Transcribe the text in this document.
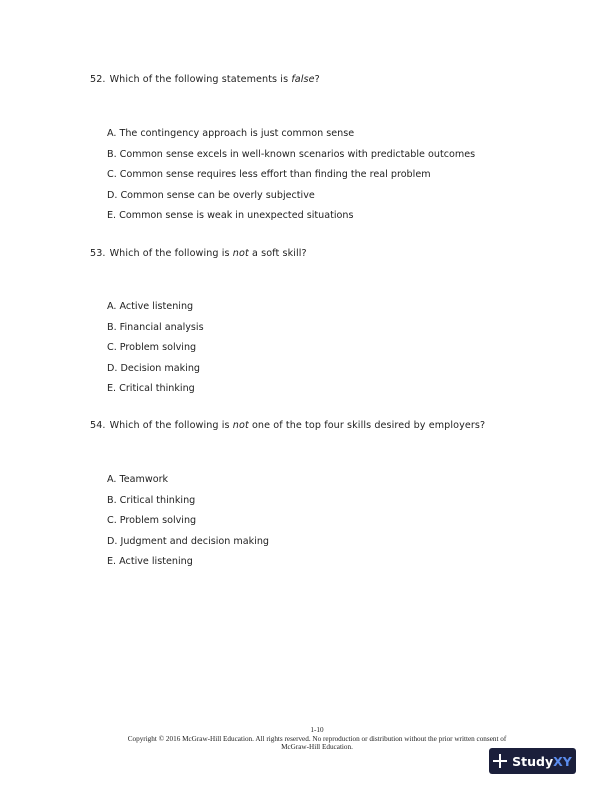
52. Which of the following statements is false?
A. The contingency approach is just common sense
B. Common sense excels in well-known scenarios with predictable outcomes
C. Common sense requires less effort than finding the real problem
D. Common sense can be overly subjective
E. Common sense is weak in unexpected situations
53. Which of the following is not a soft skill?
A. Active listening
B. Financial analysis
C. Problem solving
D. Decision making
E. Critical thinking
54. Which of the following is not one of the top four skills desired by employers?
A. Teamwork
B. Critical thinking
C. Problem solving
D. Judgment and decision making
E. Active listening
1-10
Copyright © 2016 McGraw-Hill Education. All rights reserved. No reproduction or distribution without the prior written consent of
McGraw-Hill Education.
Study XY
